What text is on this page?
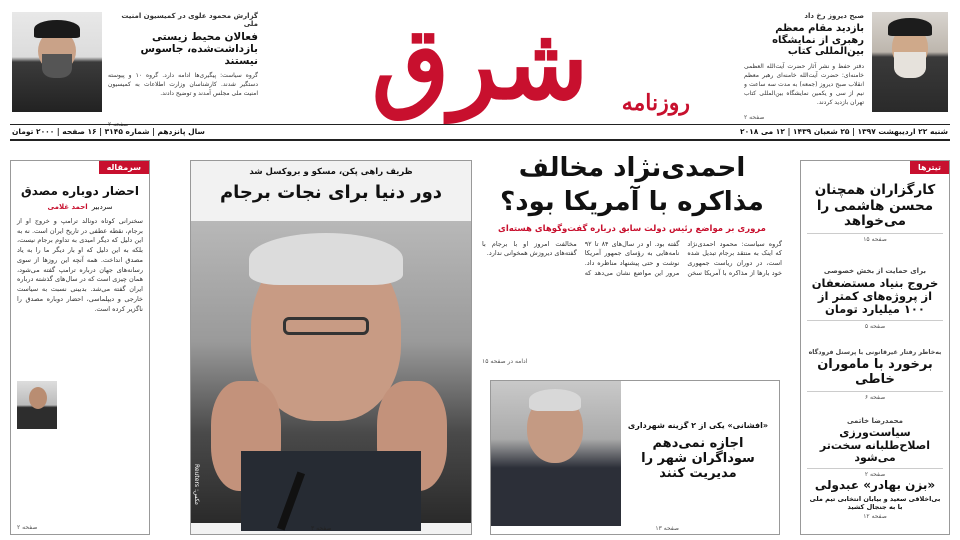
صبح دیروز رخ داد
بازدید مقام معظم رهبری از نمایشگاه بین‌المللی کتاب
دفتر حفظ و نشر آثار حضرت آیت‌الله العظمی خامنه‌ای: حضرت آیت‌الله خامنه‌ای رهبر معظم انقلاب صبح دیروز (جمعه) به مدت سه ساعت و نیم از سی و یکمین نمایشگاه بین‌المللی کتاب تهران بازدید کردند.
صفحه ۲
روزنامه
شرق
گزارش محمود علوی در کمیسیون امنیت ملی
فعالان محیط زیستی بازداشت‌شده، جاسوس نیستند
گروه سیاست: پیگیری‌ها ادامه دارد. گروه ۱۰ و پیوسته دستگیر شدند. کارشناسان وزارت اطلاعات به کمیسیون امنیت ملی مجلس آمدند و توضیح دادند.
شنبه ۲۲ اردیبهشت ۱۳۹۷ | ۲۵ شعبان ۱۴۳۹ | ۱۲ می ۲۰۱۸
سال پانزدهم | شماره ۳۱۴۵ | ۱۶ صفحه | ۲۰۰۰ تومان
سرمقاله
احضار دوباره مصدق
احمد غلامی سردبیر
سخنرانی کوتاه دونالد ترامپ و خروج او از برجام، نقطه عطفی در تاریخ ایران است. نه به این دلیل که دیگر امیدی به تداوم برجام نیست، بلکه به این دلیل که او بار دیگر ما را به یاد مصدق انداخت. همه آنچه این روزها از سوی رسانه‌های جهان درباره ترامپ گفته می‌شود، همان چیزی است که در سال‌های گذشته درباره ایران گفته می‌شد. بدبینی نسبت به سیاست خارجی و دیپلماسی، احضار دوباره مصدق را ناگزیر کرده است.
صفحه ۲
ظریف راهی پکن، مسکو و بروکسل شد
دور دنیا برای نجات برجام
عکس: Reuters
صفحه ۳
احمدی‌نژاد مخالف مذاکره با آمریکا بود؟
مروری بر مواضع رئیس دولت سابق درباره گفت‌وگوهای هسته‌ای
گروه سیاست: محمود احمدی‌نژاد که اینک به منتقد برجام تبدیل شده است، در دوران ریاست جمهوری خود بارها از مذاکره با آمریکا سخن گفته بود. او در سال‌های ۸۴ تا ۹۲ نامه‌هایی به رؤسای جمهور آمریکا نوشت و حتی پیشنهاد مناظره داد. مرور این مواضع نشان می‌دهد که مخالفت امروز او با برجام با گفته‌های دیروزش همخوانی ندارد.
ادامه در صفحه ۱۵
«افشانی» یکی از ۲ گزینه شهرداری
اجازه نمی‌دهم سوداگران شهر را مدیریت کنند
صفحه ۱۳
تیترها
کارگزاران همچنان محسن هاشمی را می‌خواهد
صفحه ۱۵
برای حمایت از بخش خصوصی
خروج بنیاد مستضعفان از پروژه‌های کمتر از ۱۰۰ میلیارد تومان
صفحه ۵
به‌خاطر رفتار غیرقانونی با پرسنل فرودگاه
برخورد با ماموران خاطی
صفحه ۶
محمدرضا خاتمی
سیاست‌ورزی اصلاح‌طلبانه سخت‌تر می‌شود
صفحه ۲
«بزن بهادر» عبدولی
بی‌اخلاقی سعید و بیابان انتخابی تیم ملی با به جنجال کشید
صفحه ۱۲
